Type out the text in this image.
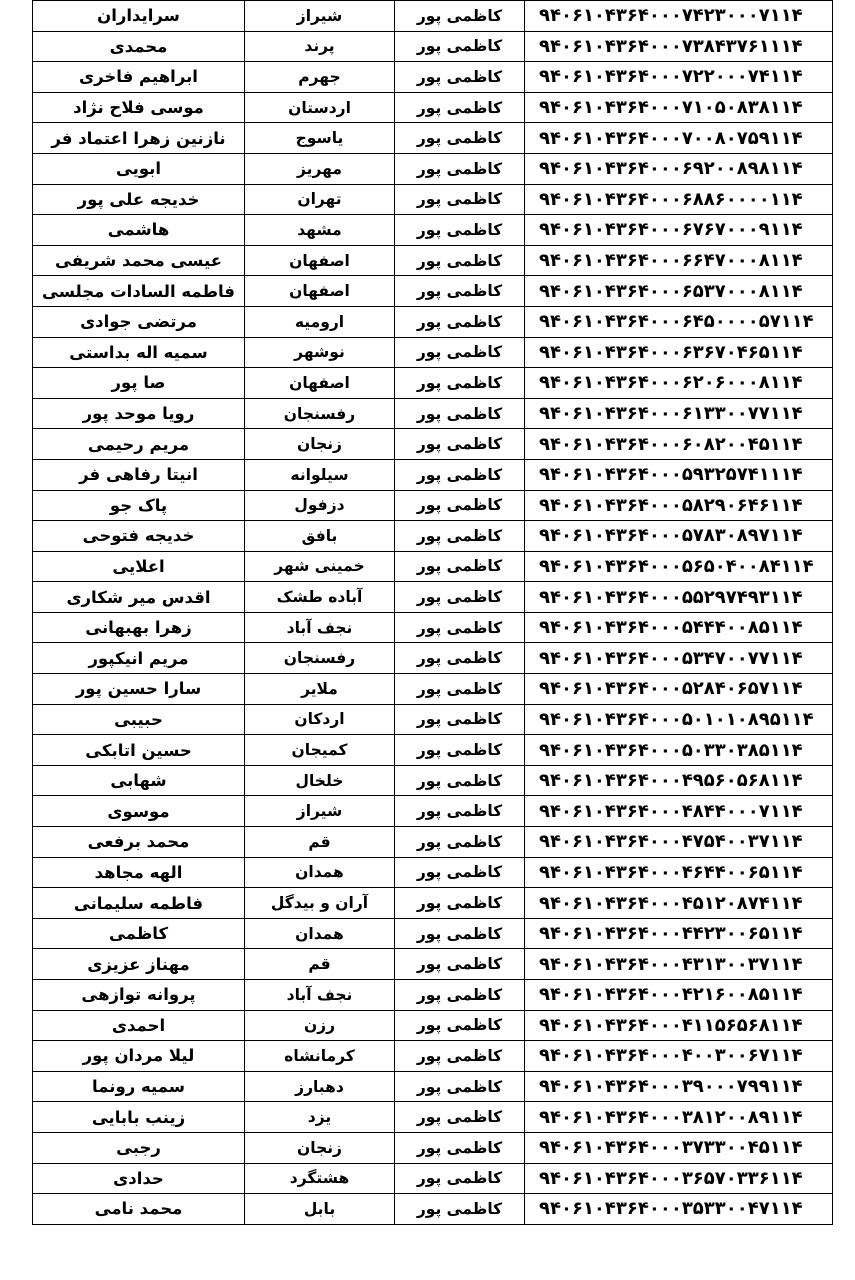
سرایداران	شیراز	کاظمی پور	۹۴۰۶۱۰۴۳۶۴۰۰۰۷۴۲۳۰۰۰۷۱۱۴
محمدی	پرند	کاظمی پور	۹۴۰۶۱۰۴۳۶۴۰۰۰۷۳۸۴۳۷۶۱۱۱۴
ابراهیم فاخری	جهرم	کاظمی پور	۹۴۰۶۱۰۴۳۶۴۰۰۰۷۲۲۰۰۰۷۴۱۱۴
موسی فلاح نژاد	اردستان	کاظمی پور	۹۴۰۶۱۰۴۳۶۴۰۰۰۷۱۰۵۰۸۳۸۱۱۴
نازنین زهرا اعتماد فر	یاسوج	کاظمی پور	۹۴۰۶۱۰۴۳۶۴۰۰۰۷۰۰۸۰۷۵۹۱۱۴
ابویی	مهریز	کاظمی پور	۹۴۰۶۱۰۴۳۶۴۰۰۰۶۹۲۰۰۸۹۸۱۱۴
خدیجه علی پور	تهران	کاظمی پور	۹۴۰۶۱۰۴۳۶۴۰۰۰۶۸۸۶۰۰۰۰۱۱۴
هاشمی	مشهد	کاظمی پور	۹۴۰۶۱۰۴۳۶۴۰۰۰۶۷۶۷۰۰۰۹۱۱۴
عیسی محمد شریفی	اصفهان	کاظمی پور	۹۴۰۶۱۰۴۳۶۴۰۰۰۶۶۴۷۰۰۰۸۱۱۴
فاطمه السادات مجلسی	اصفهان	کاظمی پور	۹۴۰۶۱۰۴۳۶۴۰۰۰۶۵۳۷۰۰۰۸۱۱۴
مرتضی جوادی	ارومیه	کاظمی پور	۹۴۰۶۱۰۴۳۶۴۰۰۰۶۴۵۰۰۰۰۵۷۱۱۴
سمیه اله بداستی	نوشهر	کاظمی پور	۹۴۰۶۱۰۴۳۶۴۰۰۰۶۳۶۷۰۴۶۵۱۱۴
صا پور	اصفهان	کاظمی پور	۹۴۰۶۱۰۴۳۶۴۰۰۰۶۲۰۶۰۰۰۸۱۱۴
رویا موحد پور	رفسنجان	کاظمی پور	۹۴۰۶۱۰۴۳۶۴۰۰۰۶۱۳۳۰۰۷۷۱۱۴
مریم رحیمی	زنجان	کاظمی پور	۹۴۰۶۱۰۴۳۶۴۰۰۰۶۰۸۲۰۰۴۵۱۱۴
انیتا رفاهی فر	سیلوانه	کاظمی پور	۹۴۰۶۱۰۴۳۶۴۰۰۰۵۹۳۲۵۷۴۱۱۱۴
پاک جو	دزفول	کاظمی پور	۹۴۰۶۱۰۴۳۶۴۰۰۰۵۸۲۹۰۶۴۶۱۱۴
خدیجه فتوحی	بافق	کاظمی پور	۹۴۰۶۱۰۴۳۶۴۰۰۰۵۷۸۳۰۸۹۷۱۱۴
اعلایی	خمینی شهر	کاظمی پور	۹۴۰۶۱۰۴۳۶۴۰۰۰۵۶۵۰۴۰۰۸۴۱۱۴
اقدس میر شکاری	آباده طشک	کاظمی پور	۹۴۰۶۱۰۴۳۶۴۰۰۰۵۵۲۹۷۴۹۳۱۱۴
زهرا بهبهانی	نجف آباد	کاظمی پور	۹۴۰۶۱۰۴۳۶۴۰۰۰۵۴۴۴۰۰۸۵۱۱۴
مریم انیکپور	رفسنجان	کاظمی پور	۹۴۰۶۱۰۴۳۶۴۰۰۰۵۳۴۷۰۰۷۷۱۱۴
سارا حسین پور	ملایر	کاظمی پور	۹۴۰۶۱۰۴۳۶۴۰۰۰۵۲۸۴۰۶۵۷۱۱۴
حبیبی	اردکان	کاظمی پور	۹۴۰۶۱۰۴۳۶۴۰۰۰۵۰۱۰۱۰۸۹۵۱۱۴
حسین اتابکی	کمیجان	کاظمی پور	۹۴۰۶۱۰۴۳۶۴۰۰۰۵۰۳۳۰۳۸۵۱۱۴
شهابی	خلخال	کاظمی پور	۹۴۰۶۱۰۴۳۶۴۰۰۰۴۹۵۶۰۵۶۸۱۱۴
موسوی	شیراز	کاظمی پور	۹۴۰۶۱۰۴۳۶۴۰۰۰۴۸۴۴۰۰۰۷۱۱۴
محمد برفعی	قم	کاظمی پور	۹۴۰۶۱۰۴۳۶۴۰۰۰۴۷۵۴۰۰۳۷۱۱۴
الهه مجاهد	همدان	کاظمی پور	۹۴۰۶۱۰۴۳۶۴۰۰۰۴۶۴۴۰۰۶۵۱۱۴
فاطمه سلیمانی	آران و بیدگل	کاظمی پور	۹۴۰۶۱۰۴۳۶۴۰۰۰۴۵۱۲۰۸۷۴۱۱۴
کاظمی	همدان	کاظمی پور	۹۴۰۶۱۰۴۳۶۴۰۰۰۴۴۲۳۰۰۶۵۱۱۴
مهناز عزیزی	قم	کاظمی پور	۹۴۰۶۱۰۴۳۶۴۰۰۰۴۳۱۳۰۰۳۷۱۱۴
پروانه توازهی	نجف آباد	کاظمی پور	۹۴۰۶۱۰۴۳۶۴۰۰۰۴۲۱۶۰۰۸۵۱۱۴
احمدی	رزن	کاظمی پور	۹۴۰۶۱۰۴۳۶۴۰۰۰۴۱۱۵۶۵۶۸۱۱۴
لیلا مردان پور	کرمانشاه	کاظمی پور	۹۴۰۶۱۰۴۳۶۴۰۰۰۴۰۰۳۰۰۶۷۱۱۴
سمیه رونما	دهبارز	کاظمی پور	۹۴۰۶۱۰۴۳۶۴۰۰۰۳۹۰۰۰۷۹۹۱۱۴
زینب بابایی	یزد	کاظمی پور	۹۴۰۶۱۰۴۳۶۴۰۰۰۳۸۱۲۰۰۸۹۱۱۴
رجبی	زنجان	کاظمی پور	۹۴۰۶۱۰۴۳۶۴۰۰۰۳۷۳۳۰۰۴۵۱۱۴
حدادی	هشتگرد	کاظمی پور	۹۴۰۶۱۰۴۳۶۴۰۰۰۳۶۵۷۰۳۳۶۱۱۴
محمد نامی	بابل	کاظمی پور	۹۴۰۶۱۰۴۳۶۴۰۰۰۳۵۳۳۰۰۴۷۱۱۴
